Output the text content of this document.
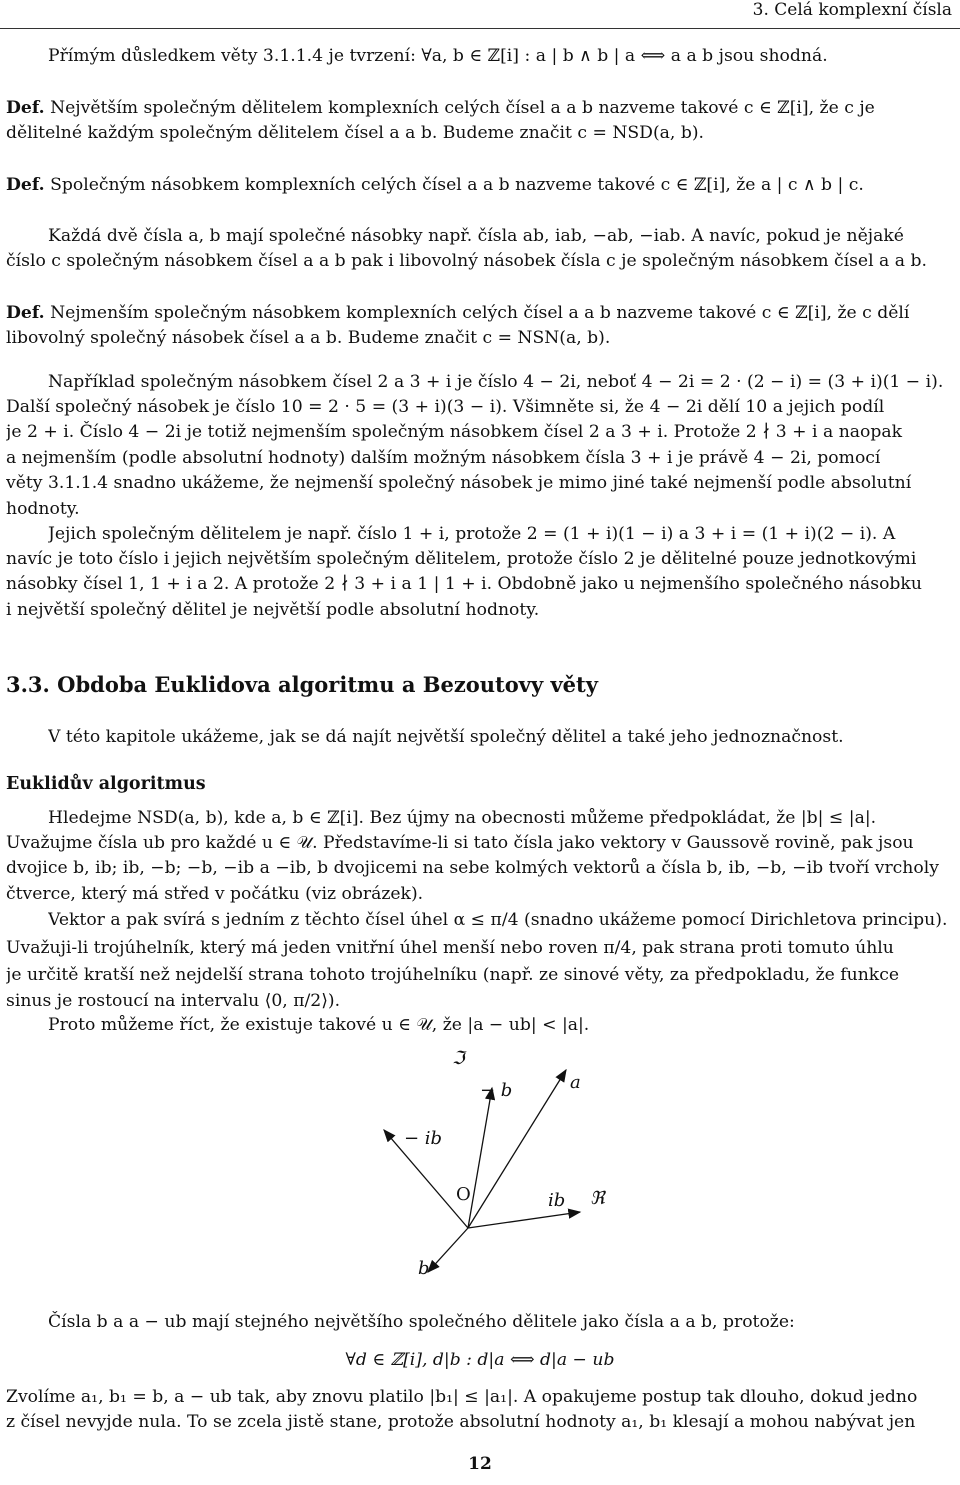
3. Celá komplexní čísla
Přímým důsledkem věty 3.1.1.4 je tvrzení: ∀a, b ∈ ℤ[i] : a | b ∧ b | a ⟺ a a b jsou shodná.
Def. Největším společným dělitelem komplexních celých čísel a a b nazveme takové c ∈ ℤ[i], že c je
dělitelné každým společným dělitelem čísel a a b. Budeme značit c = NSD(a, b).
Def. Společným násobkem komplexních celých čísel a a b nazveme takové c ∈ ℤ[i], že a | c ∧ b | c.
Každá dvě čísla a, b mají společné násobky např. čísla ab, iab, −ab, −iab. A navíc, pokud je nějaké
číslo c společným násobkem čísel a a b pak i libovolný násobek čísla c je společným násobkem čísel a a b.
Def. Nejmenším společným násobkem komplexních celých čísel a a b nazveme takové c ∈ ℤ[i], že c dělí
libovolný společný násobek čísel a a b. Budeme značit c = NSN(a, b).
Například společným násobkem čísel 2 a 3 + i je číslo 4 − 2i, neboť 4 − 2i = 2 · (2 − i) = (3 + i)(1 − i).
Další společný násobek je číslo 10 = 2 · 5 = (3 + i)(3 − i). Všimněte si, že 4 − 2i dělí 10 a jejich podíl
je 2 + i. Číslo 4 − 2i je totiž nejmenším společným násobkem čísel 2 a 3 + i. Protože 2 ∤ 3 + i a naopak
a nejmenším (podle absolutní hodnoty) dalším možným násobkem čísla 3 + i je právě 4 − 2i, pomocí
věty 3.1.1.4 snadno ukážeme, že nejmenší společný násobek je mimo jiné také nejmenší podle absolutní
hodnoty.
Jejich společným dělitelem je např. číslo 1 + i, protože 2 = (1 + i)(1 − i) a 3 + i = (1 + i)(2 − i). A
navíc je toto číslo i jejich největším společným dělitelem, protože číslo 2 je dělitelné pouze jednotkovými
násobky čísel 1, 1 + i a 2. A protože 2 ∤ 3 + i a 1 | 1 + i. Obdobně jako u nejmenšího společného násobku
i největší společný dělitel je největší podle absolutní hodnoty.
3.3. Obdoba Euklidova algoritmu a Bezoutovy věty
V této kapitole ukážeme, jak se dá najít největší společný dělitel a také jeho jednoznačnost.
Euklidův algoritmus
Hledejme NSD(a, b), kde a, b ∈ ℤ[i]. Bez újmy na obecnosti můžeme předpokládat, že |b| ≤ |a|.
Uvažujme čísla ub pro každé u ∈ 𝒰. Představíme-li si tato čísla jako vektory v Gaussově rovině, pak jsou
dvojice b, ib; ib, −b; −b, −ib a −ib, b dvojicemi na sebe kolmých vektorů a čísla b, ib, −b, −ib tvoří vrcholy
čtverce, který má střed v počátku (viz obrázek).
Vektor a pak svírá s jedním z těchto čísel úhel α ≤ π/4 (snadno ukážeme pomocí Dirichletova principu).
Uvažuji-li trojúhelník, který má jeden vnitřní úhel menší nebo roven π/4, pak strana proti tomuto úhlu
je určitě kratší než nejdelší strana tohoto trojúhelníku (např. ze sinové věty, za předpokladu, že funkce
sinus je rostoucí na intervalu ⟨0, π/2⟩).
Proto můžeme říct, že existuje takové u ∈ 𝒰, že |a − ub| < |a|.
ℑ
− b	a
− ib
O	ib ℜ
b
Čísla b a a − ub mají stejného největšího společného dělitele jako čísla a a b, protože:
∀d ∈ ℤ[i], d|b : d|a ⟺ d|a − ub
Zvolíme a₁, b₁ = b, a − ub tak, aby znovu platilo |b₁| ≤ |a₁|. A opakujeme postup tak dlouho, dokud jedno
z čísel nevyjde nula. To se zcela jistě stane, protože absolutní hodnoty a₁, b₁ klesají a mohou nabývat jen
12
